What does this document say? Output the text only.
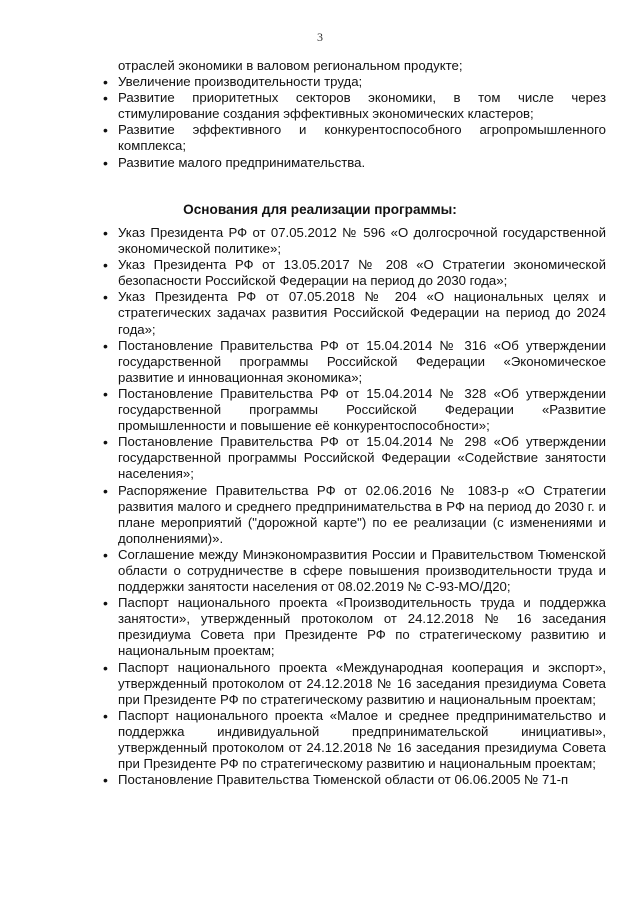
3
отраслей экономики в валовом региональном продукте;
• Увеличение производительности труда;
• Развитие приоритетных секторов экономики, в том числе через стимулирование создания эффективных экономических кластеров;
• Развитие эффективного и конкурентоспособного агропромышленного комплекса;
• Развитие малого предпринимательства.
Основания для реализации программы:
• Указ Президента РФ от 07.05.2012 № 596 «О долгосрочной государственной экономической политике»;
• Указ Президента РФ от 13.05.2017 № 208 «О Стратегии экономической безопасности Российской Федерации на период до 2030 года»;
• Указ Президента РФ от 07.05.2018 № 204 «О национальных целях и стратегических задачах развития Российской Федерации на период до 2024 года»;
• Постановление Правительства РФ от 15.04.2014 № 316 «Об утверждении государственной программы Российской Федерации «Экономическое развитие и инновационная экономика»;
• Постановление Правительства РФ от 15.04.2014 № 328 «Об утверждении государственной программы Российской Федерации «Развитие промышленности и повышение её конкурентоспособности»;
• Постановление Правительства РФ от 15.04.2014 № 298 «Об утверждении государственной программы Российской Федерации «Содействие занятости населения»;
• Распоряжение Правительства РФ от 02.06.2016 № 1083-р «О Стратегии развития малого и среднего предпринимательства в РФ на период до 2030 г. и плане мероприятий ("дорожной карте") по ее реализации (с изменениями и дополнениями)».
• Соглашение между Минэкономразвития России и Правительством Тюменской области о сотрудничестве в сфере повышения производительности труда и поддержки занятости населения от 08.02.2019 № С-93-МО/Д20;
• Паспорт национального проекта «Производительность труда и поддержка занятости», утвержденный протоколом от 24.12.2018 № 16 заседания президиума Совета при Президенте РФ по стратегическому развитию и национальным проектам;
• Паспорт национального проекта «Международная кооперация и экспорт», утвержденный протоколом от 24.12.2018 № 16 заседания президиума Совета при Президенте РФ по стратегическому развитию и национальным проектам;
• Паспорт национального проекта «Малое и среднее предпринимательство и поддержка индивидуальной предпринимательской инициативы», утвержденный протоколом от 24.12.2018 № 16 заседания президиума Совета при Президенте РФ по стратегическому развитию и национальным проектам;
• Постановление Правительства Тюменской области от 06.06.2005 № 71-п
